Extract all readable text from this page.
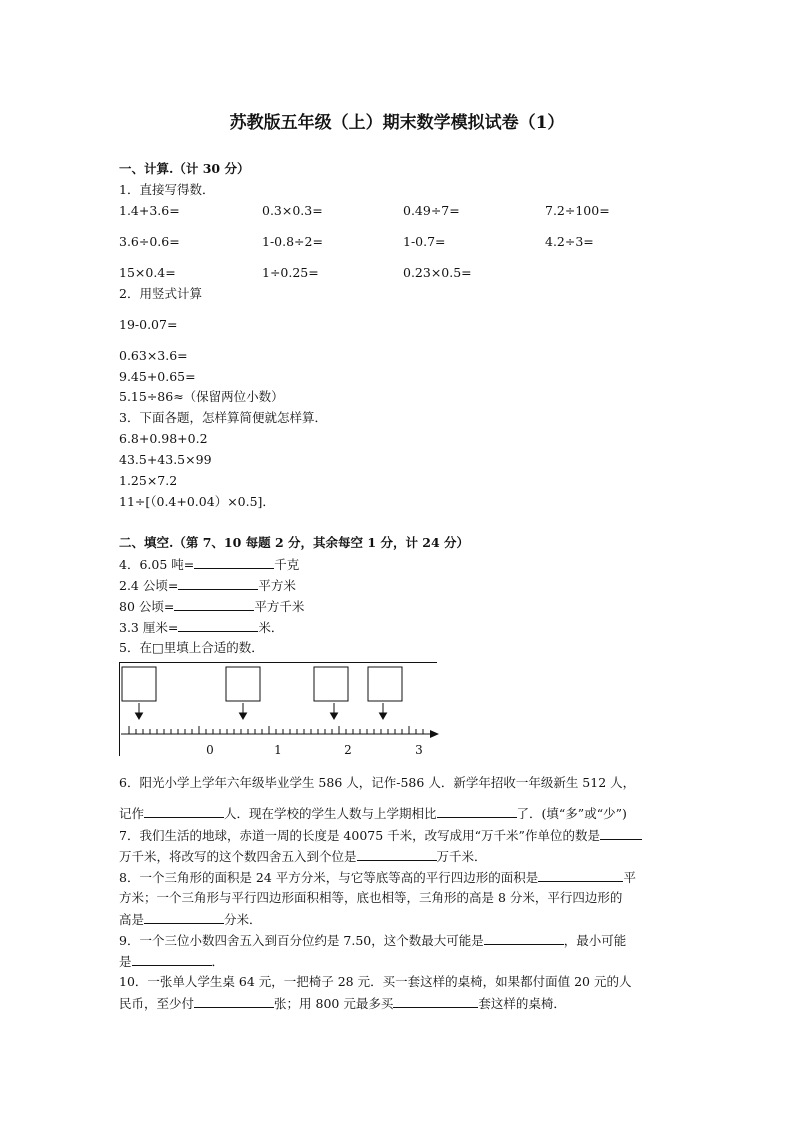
苏教版五年级（上）期末数学模拟试卷（1）
一、计算.（计 30 分）
1．直接写得数．
1.4+3.6=	0.3×0.3=	0.49÷7=	7.2÷100=
3.6÷0.6=	1-0.8÷2=	1-0.7=	4.2÷3=
15×0.4=	1÷0.25=	0.23×0.5=
2．用竖式计算
19-0.07=
0.63×3.6=
9.45+0.65=
5.15÷86≈（保留两位小数）
3．下面各题，怎样算简便就怎样算．
6.8+0.98+0.2
43.5+43.5×99
1.25×7.2
11÷[（0.4+0.04）×0.5]．
二、填空.（第 7、10 每题 2 分，其余每空 1 分，计 24 分）
4．6.05 吨=	千克
2.4 公顷=	平方米
80 公顷=	平方千米
3.3 厘米=	米．
5．在□里填上合适的数．
0	1	2	3
6．阳光小学上学年六年级毕业学生 586 人，记作-586 人．新学年招收一年级新生 512 人，
记作	人．现在学校的学生人数与上学期相比	了．(填“多”或“少”)
7．我们生活的地球，赤道一周的长度是 40075 千米，改写成用“万千米”作单位的数是
万千米，将改写的这个数四舍五入到个位是	万千米．
8．一个三角形的面积是 24 平方分米，与它等底等高的平行四边形的面积是	平
方米；一个三角形与平行四边形面积相等，底也相等，三角形的高是 8 分米，平行四边形的
高是	分米．
9．一个三位小数四舍五入到百分位约是 7.50，这个数最大可能是	，最小可能
是	．
10．一张单人学生桌 64 元，一把椅子 28 元．买一套这样的桌椅，如果都付面值 20 元的人
民币，至少付	张；用 800 元最多买	套这样的桌椅．
